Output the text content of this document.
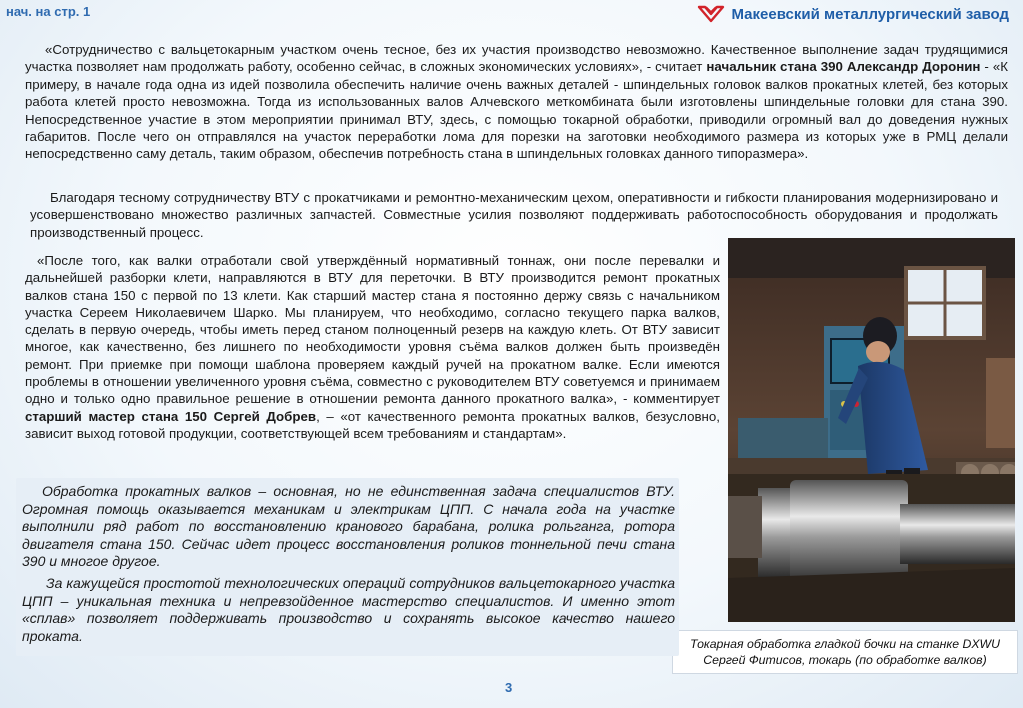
нач. на стр. 1	Макеевский металлургический завод

«Сотрудничество с вальцетокарным участком очень тесное, без их участия производство невозможно. Качественное выполнение задач трудящимися участка позволяет нам продолжать работу, особенно сейчас, в сложных экономических условиях», - считает начальник стана 390 Александр Доронин - «К примеру, в начале года одна из идей позволила обеспечить наличие очень важных деталей - шпиндельных головок валков прокатных клетей, без которых работа клетей просто невозможна. Тогда из использованных валов Алчевского меткомбината были изготовлены шпиндельные головки для стана 390. Непосредственное участие в этом мероприятии принимал ВТУ, здесь, с помощью токарной обработки, приводили огромный вал до доведения нужных габаритов. После чего он отправлялся на участок переработки лома для порезки на заготовки необходимого размера из которых уже в РМЦ делали непосредственно саму деталь, таким образом, обеспечив потребность стана в шпиндельных головках данного типоразмера».

Благодаря тесному сотрудничеству ВТУ с прокатчиками и ремонтно-механическим цехом, оперативности и гибкости планирования модернизировано и усовершенствовано множество различных запчастей. Совместные усилия позволяют поддерживать работоспособность оборудования и продолжать производственный процесс.

«После того, как валки отработали свой утверждённый нормативный тоннаж, они после перевалки и дальнейшей разборки клети, направляются в ВТУ для переточки. В ВТУ производится ремонт прокатных валков стана 150 с первой по 13 клети. Как старший мастер стана я постоянно держу связь с начальником участка Сереем Николаевичем Шарко. Мы планируем, что необходимо, согласно текущего парка валков, сделать в первую очередь, чтобы иметь перед станом полноценный резерв на каждую клеть. От ВТУ зависит многое, как качественно, без лишнего по необходимости уровня съёма валков должен быть произведён ремонт. При приемке при помощи шаблона проверяем каждый ручей на прокатном валке. Если имеются проблемы в отношении увеличенного уровня съёма, совместно с руководителем ВТУ советуемся и принимаем одно и только одно правильное решение в отношении ремонта данного прокатного валка», - комментирует старший мастер стана 150 Сергей Добрев, – «от качественного ремонта прокатных валков, безусловно, зависит выход готовой продукции, соответствующей всем требованиям и стандартам».

Токарная обработка гладкой бочки на станке DXWU
Сергей Фитисов, токарь (по обработке валков)

Обработка прокатных валков – основная, но не единственная задача специалистов ВТУ. Огромная помощь оказывается механикам и электрикам ЦПП. С начала года на участке выполнили ряд работ по восстановлению кранового барабана, ролика рольганга, ротора двигателя стана 150. Сейчас идет процесс восстановления роликов тоннельной печи стана 390 и многое другое.

За кажущейся простотой технологических операций сотрудников вальцетокарного участка ЦПП – уникальная техника и непревзойденное мастерство специалистов. И именно этот «сплав» позволяет поддерживать производство и сохранять высокое качество нашего проката.

3
